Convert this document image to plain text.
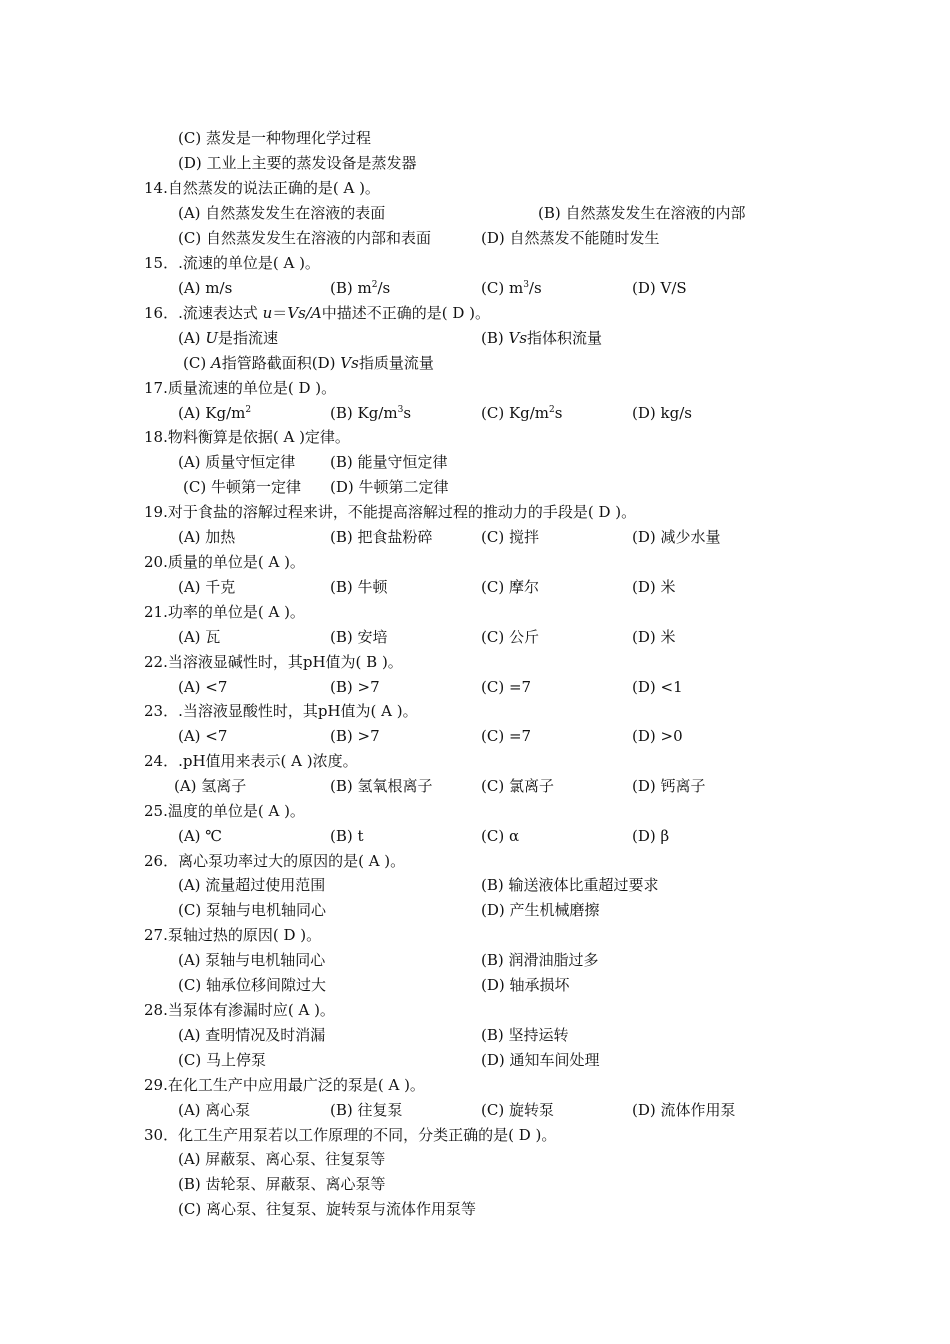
(C) 蒸发是一种物理化学过程
(D) 工业上主要的蒸发设备是蒸发器
14.自然蒸发的说法正确的是( A )。
(A) 自然蒸发发生在溶液的表面	(B) 自然蒸发发生在溶液的内部
(C) 自然蒸发发生在溶液的内部和表面	(D) 自然蒸发不能随时发生
15．.流速的单位是( A )。
(A) m/s	(B) $m^2/s$	(C) $m^3/s$	(D) V/S
16．.流速表达式 u＝Vs/A中描述不正确的是( D )。
(A) U是指流速	(B) Vs指体积流量
(C) A指管路截面积(D) Vs指质量流量
17.质量流速的单位是( D )。
(A) $Kg/m^2$	(B) $Kg/m^3s$	(C) $Kg/m^2s$	(D) kg/s
18.物料衡算是依据( A )定律。
(A) 质量守恒定律 (B) 能量守恒定律
(C) 牛顿第一定律 (D) 牛顿第二定律
19.对于食盐的溶解过程来讲，不能提高溶解过程的推动力的手段是( D )。
(A) 加热	(B) 把食盐粉碎	(C) 搅拌	(D) 减少水量
20.质量的单位是( A )。
(A) 千克	(B) 牛顿	(C) 摩尔	(D) 米
21.功率的单位是( A )。
(A) 瓦	(B) 安培	(C) 公斤	(D) 米
22.当溶液显碱性时，其pH值为( B )。
(A) <7	(B) >7	(C) =7	(D) <1
23．.当溶液显酸性时，其pH值为( A )。
(A) <7	(B) >7	(C) =7	(D) >0
24．.pH值用来表示( A )浓度。
(A) 氢离子	(B) 氢氧根离子	(C) 氯离子	(D) 钙离子
25.温度的单位是( A )。
(A) ℃	(B) t	(C) α	(D) β
26．离心泵功率过大的原因的是( A )。
(A) 流量超过使用范围	(B) 输送液体比重超过要求
(C) 泵轴与电机轴同心	(D) 产生机械磨擦
27.泵轴过热的原因( D )。
(A) 泵轴与电机轴同心	(B) 润滑油脂过多
(C) 轴承位移间隙过大	(D) 轴承损坏
28.当泵体有渗漏时应( A )。
(A) 查明情况及时消漏	(B) 坚持运转
(C) 马上停泵	(D) 通知车间处理
29.在化工生产中应用最广泛的泵是( A )。
(A) 离心泵	(B) 往复泵	(C) 旋转泵	(D) 流体作用泵
30．化工生产用泵若以工作原理的不同，分类正确的是( D )。
(A) 屏蔽泵、离心泵、往复泵等
(B) 齿轮泵、屏蔽泵、离心泵等
(C) 离心泵、往复泵、旋转泵与流体作用泵等
